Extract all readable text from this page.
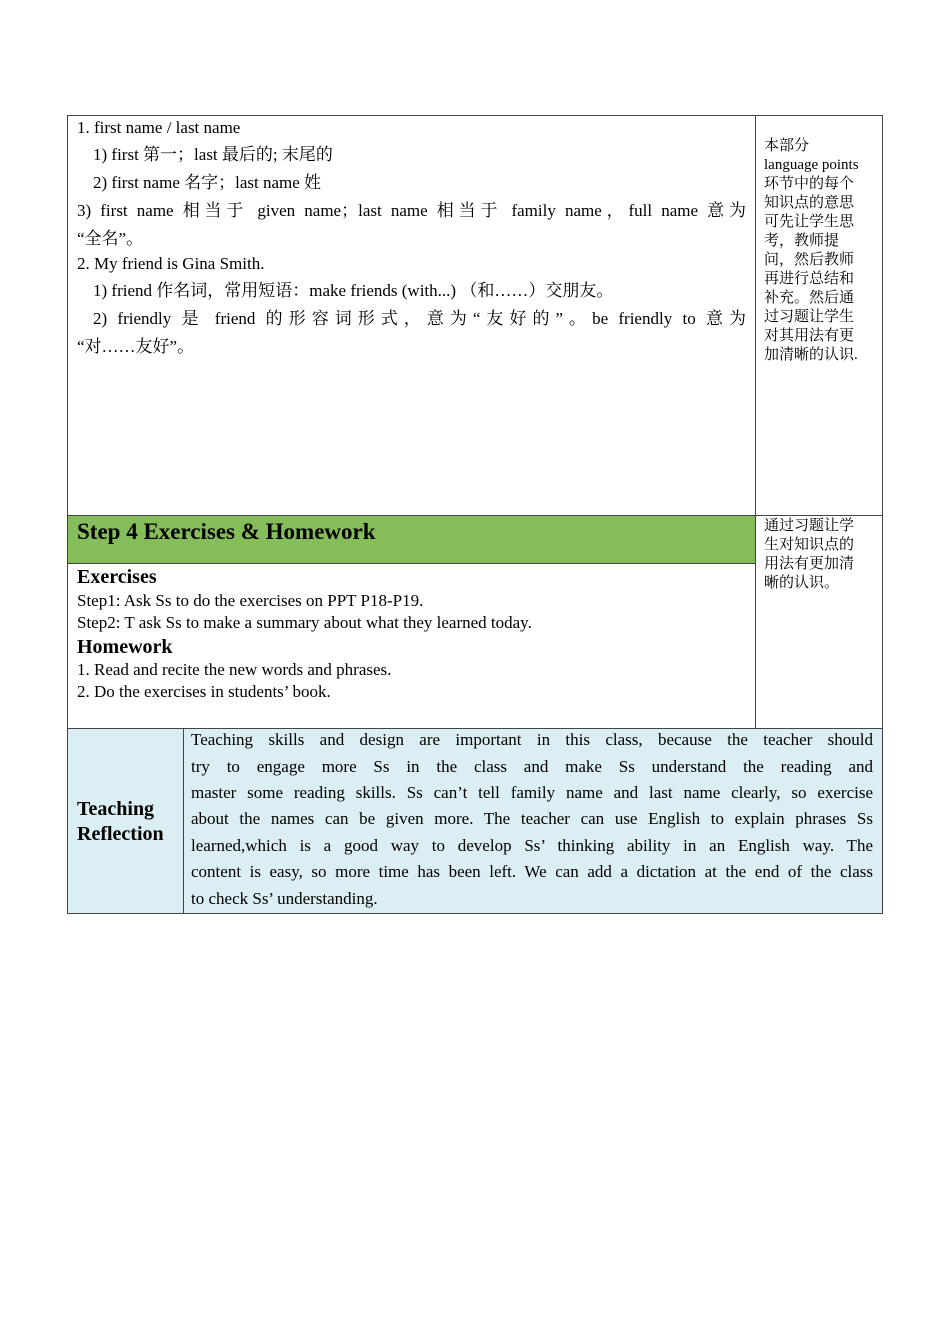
1. first name / last name
1) first 第一；last 最后的; 末尾的
2) first name 名字；last name 姓
3) first name 相当于 given name；last name 相当于 family name，full name 意为
“全名”。
2. My friend is Gina Smith.
1) friend 作名词，常用短语：make friends (with...) （和……）交朋友。
2) friendly 是 friend 的形容词形式，意为“友好的”。be friendly to 意为
“对……友好”。
本部分
language points
环节中的每个
知识点的意思
可先让学生思
考，教师提
问，然后教师
再进行总结和
补充。然后通
过习题让学生
对其用法有更
加清晰的认识.
Step 4 Exercises & Homework
Exercises
Step1: Ask Ss to do the exercises on PPT P18-P19.
Step2: T ask Ss to make a summary about what they learned today.
Homework
1. Read and recite the new words and phrases.
2. Do the exercises in students’ book.
通过习题让学
生对知识点的
用法有更加清
晰的认识。
Teaching
Reflection
Teaching skills and design are important in this class, because the teacher should
try to engage more Ss in the class and make Ss understand the reading and
master some reading skills. Ss can’t tell family name and last name clearly, so exercise
about the names can be given more. The teacher can use English to explain phrases Ss
learned,which is a good way to develop Ss’ thinking ability in an English way. The
content is easy, so more time has been left. We can add a dictation at the end of the class
to check Ss’ understanding.
